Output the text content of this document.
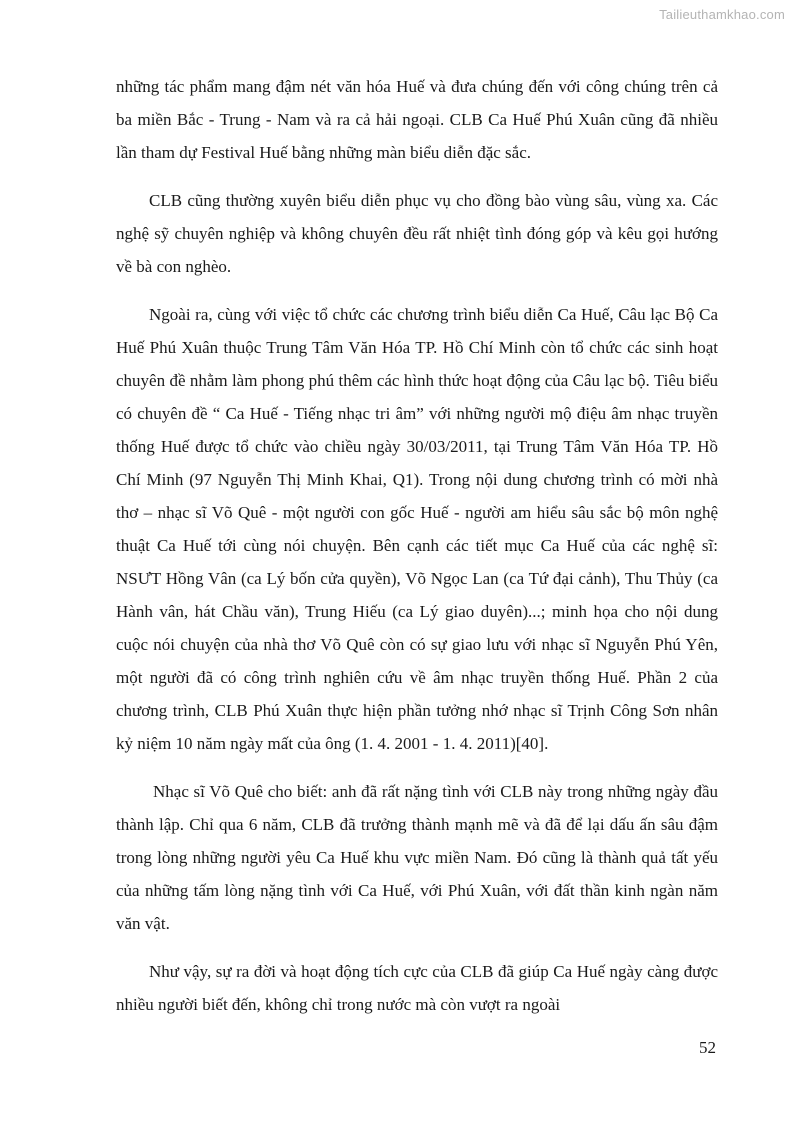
Tailieuthamkhao.com

những tác phẩm mang đậm nét văn hóa Huế và đưa chúng đến với công chúng trên cả ba miền Bắc - Trung - Nam và ra cả hải ngoại. CLB Ca Huế Phú Xuân cũng đã nhiều lần tham dự Festival Huế bằng những màn biểu diễn đặc sắc.

CLB cũng thường xuyên biểu diễn phục vụ cho đồng bào vùng sâu, vùng xa. Các nghệ sỹ chuyên nghiệp và không chuyên đều rất nhiệt tình đóng góp và kêu gọi hướng về bà con nghèo.

Ngoài ra, cùng với việc tổ chức các chương trình biểu diễn Ca Huế, Câu lạc Bộ Ca Huế Phú Xuân thuộc Trung Tâm Văn Hóa TP. Hồ Chí Minh còn tổ chức các sinh hoạt chuyên đề nhằm làm phong phú thêm các hình thức hoạt động của Câu lạc bộ. Tiêu biểu có chuyên đề “ Ca Huế - Tiếng nhạc tri âm” với những người mộ điệu âm nhạc truyền thống Huế được tổ chức vào chiều ngày 30/03/2011, tại Trung Tâm Văn Hóa TP. Hồ Chí Minh (97 Nguyễn Thị Minh Khai, Q1). Trong nội dung chương trình có mời nhà thơ – nhạc sĩ Võ Quê - một người con gốc Huế - người am hiểu sâu sắc bộ môn nghệ thuật Ca Huế tới cùng nói chuyện. Bên cạnh các tiết mục Ca Huế của các nghệ sĩ: NSƯT Hồng Vân (ca Lý bốn cửa quyền), Võ Ngọc Lan (ca Tứ đại cảnh), Thu Thủy (ca Hành vân, hát Chầu văn), Trung Hiếu (ca Lý giao duyên)...; minh họa cho nội dung cuộc nói chuyện của nhà thơ Võ Quê còn có sự giao lưu với nhạc sĩ Nguyễn Phú Yên, một người đã có công trình nghiên cứu về âm nhạc truyền thống Huế. Phần 2 của chương trình, CLB Phú Xuân thực hiện phần tưởng nhớ nhạc sĩ Trịnh Công Sơn nhân kỷ niệm 10 năm ngày mất của ông (1. 4. 2001 - 1. 4. 2011)[40].

Nhạc sĩ Võ Quê cho biết: anh đã rất nặng tình với CLB này trong những ngày đầu thành lập. Chỉ qua 6 năm, CLB đã trưởng thành mạnh mẽ và đã để lại dấu ấn sâu đậm trong lòng những người yêu Ca Huế khu vực miền Nam. Đó cũng là thành quả tất yếu của những tấm lòng nặng tình với Ca Huế, với Phú Xuân, với đất thần kinh ngàn năm văn vật.

Như vậy, sự ra đời và hoạt động tích cực của CLB đã giúp Ca Huế ngày càng được nhiều người biết đến, không chỉ trong nước mà còn vượt ra ngoài

52
